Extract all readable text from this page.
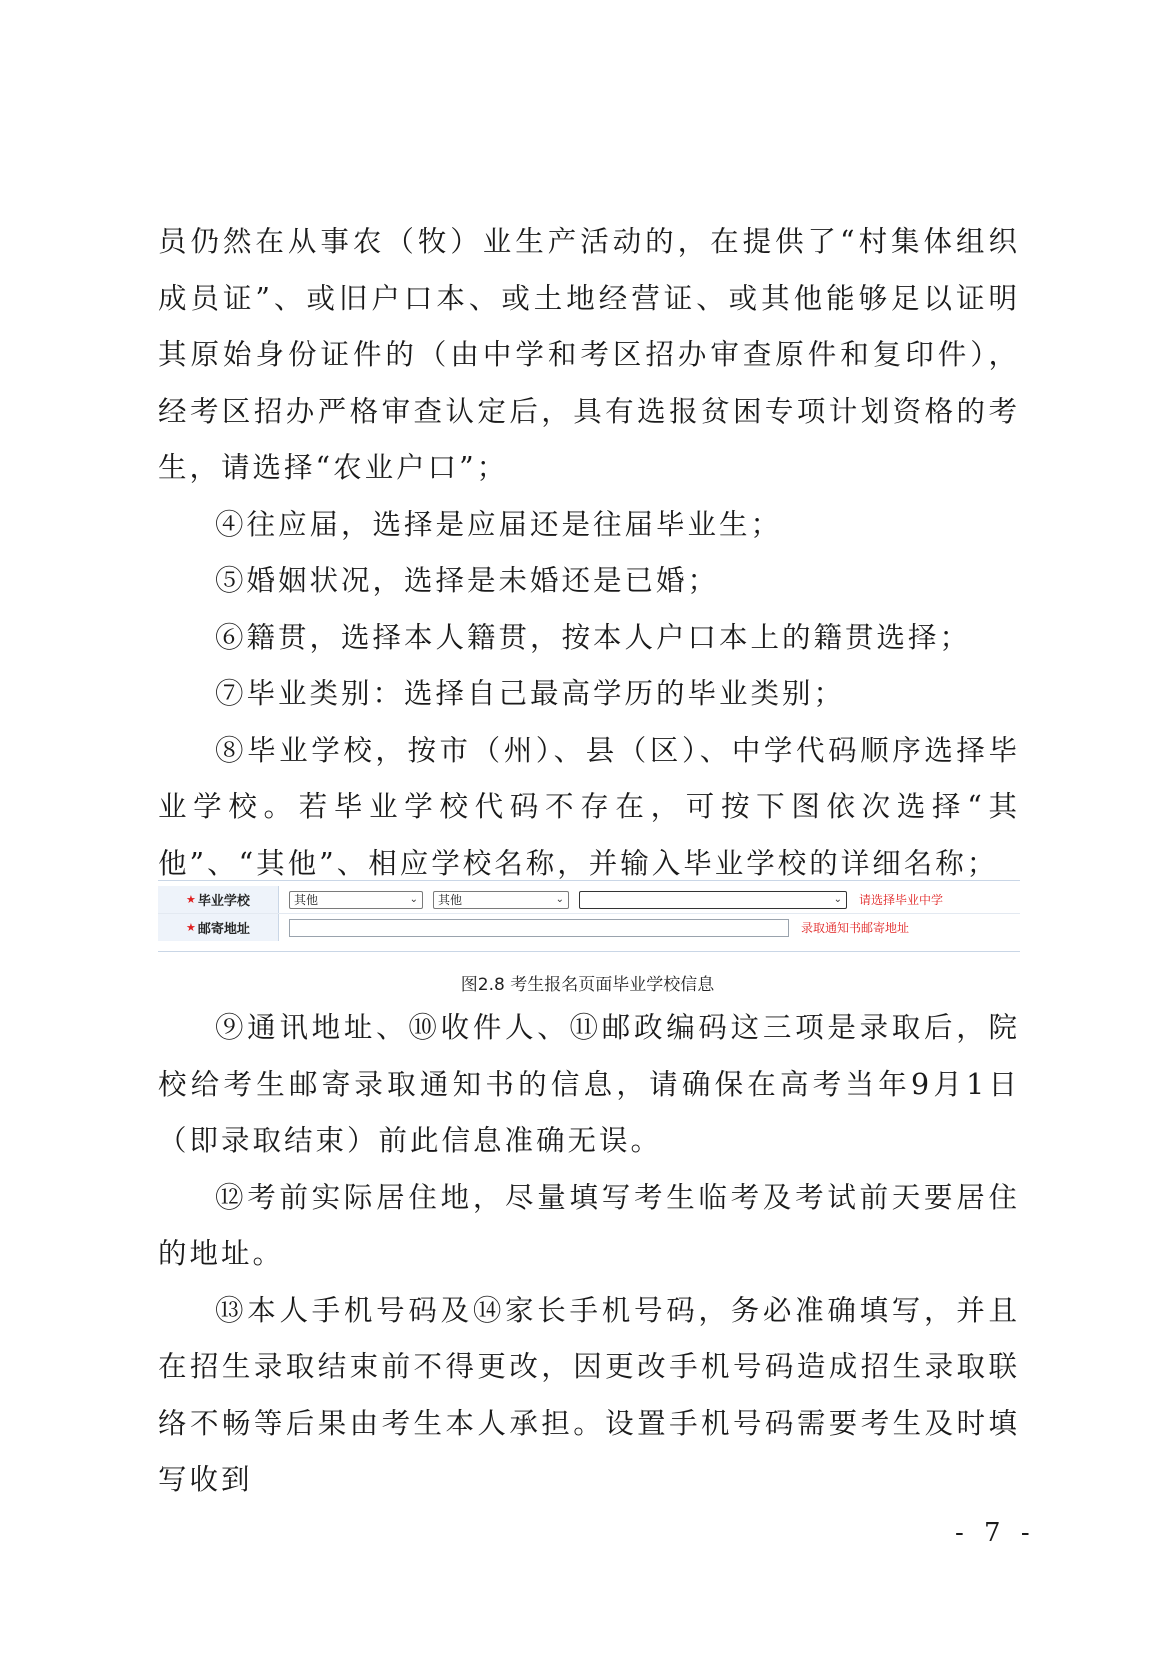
员仍然在从事农（牧）业生产活动的，在提供了“村集体组织成员证”、或旧户口本、或土地经营证、或其他能够足以证明其原始身份证件的（由中学和考区招办审查原件和复印件），经考区招办严格审查认定后，具有选报贫困专项计划资格的考生，请选择“农业户口”；

④往应届，选择是应届还是往届毕业生；

⑤婚姻状况，选择是未婚还是已婚；

⑥籍贯，选择本人籍贯，按本人户口本上的籍贯选择；

⑦毕业类别：选择自己最高学历的毕业类别；

⑧毕业学校，按市（州）、县（区）、中学代码顺序选择毕业学校。若毕业学校代码不存在，可按下图依次选择“其他”、“其他”、相应学校名称，并输入毕业学校的详细名称；

★ 毕业学校	其他	⌄ 其他	⌄	⌄ 请选择毕业中学
★ 邮寄地址	录取通知书邮寄地址
图2.8 考生报名页面毕业学校信息

⑨通讯地址、⑩收件人、⑪邮政编码这三项是录取后，院校给考生邮寄录取通知书的信息，请确保在高考当年9月1日（即录取结束）前此信息准确无误。

⑫考前实际居住地，尽量填写考生临考及考试前天要居住的地址。

⑬本人手机号码及⑭家长手机号码，务必准确填写，并且在招生录取结束前不得更改，因更改手机号码造成招生录取联络不畅等后果由考生本人承担。设置手机号码需要考生及时填写收到

- 7 -
